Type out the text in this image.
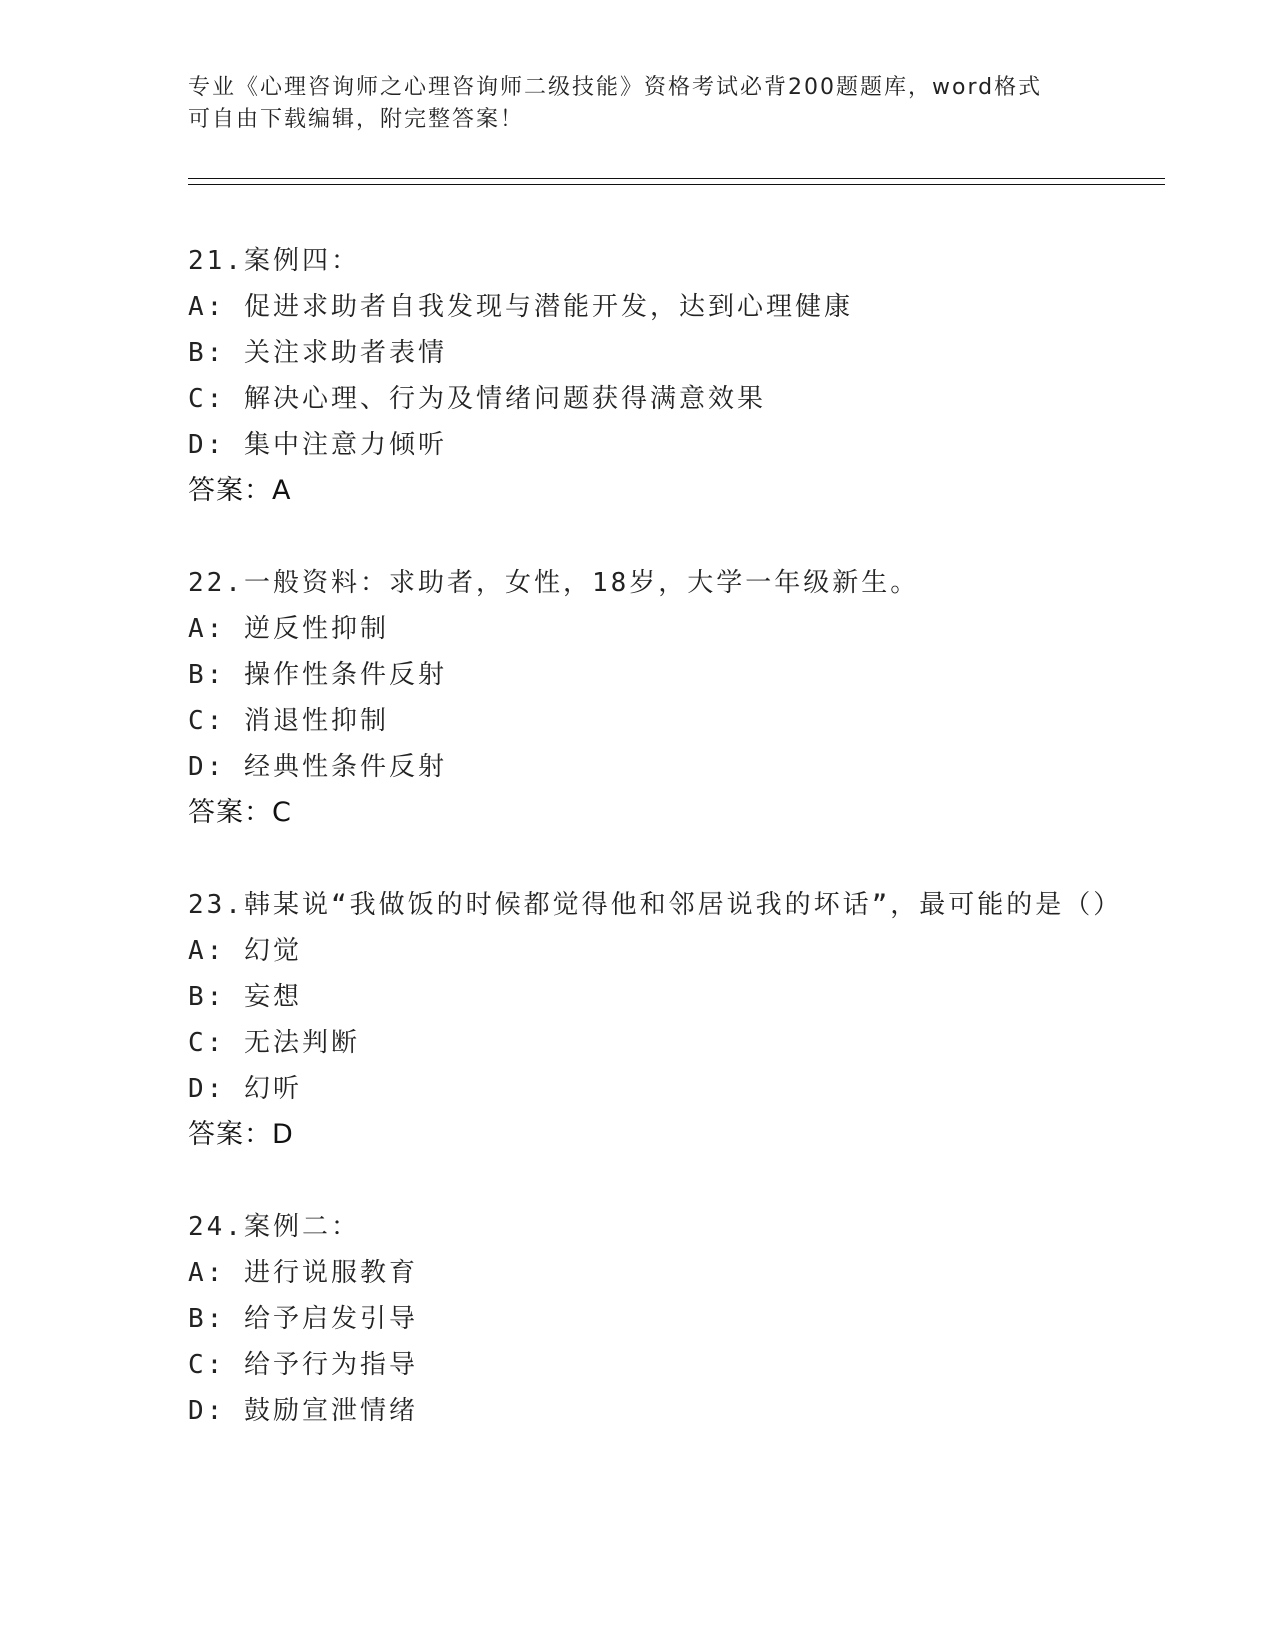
专业《心理咨询师之心理咨询师二级技能》资格考试必背200题题库，word格式
可自由下载编辑，附完整答案！
21.案例四：
A: 促进求助者自我发现与潜能开发，达到心理健康
B: 关注求助者表情
C: 解决心理、行为及情绪问题获得满意效果
D: 集中注意力倾听
答案：A
22.一般资料：求助者，女性，18岁，大学一年级新生。
A: 逆反性抑制
B: 操作性条件反射
C: 消退性抑制
D: 经典性条件反射
答案：C
23.韩某说“我做饭的时候都觉得他和邻居说我的坏话”，最可能的是（）
A: 幻觉
B: 妄想
C: 无法判断
D: 幻听
答案：D
24.案例二：
A: 进行说服教育
B: 给予启发引导
C: 给予行为指导
D: 鼓励宣泄情绪
